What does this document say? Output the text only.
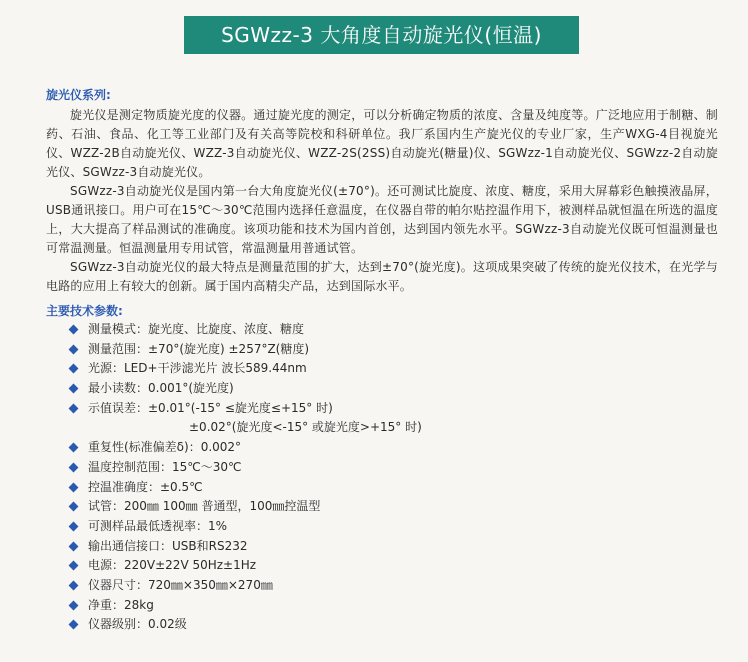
SGWzz-3 大角度自动旋光仪(恒温)
旋光仪系列:

旋光仪是测定物质旋光度的仪器。通过旋光度的测定，可以分析确定物质的浓度、含量及纯度等。广泛地应用于制糖、制药、石油、食品、化工等工业部门及有关高等院校和科研单位。我厂系国内生产旋光仪的专业厂家，生产WXG-4目视旋光仪、WZZ-2B自动旋光仪、WZZ-3自动旋光仪、WZZ-2S(2SS)自动旋光(糖量)仪、SGWzz-1自动旋光仪、SGWzz-2自动旋光仪、SGWzz-3自动旋光仪。

SGWzz-3自动旋光仪是国内第一台大角度旋光仪(±70°)。还可测试比旋度、浓度、糖度，采用大屏幕彩色触摸液晶屏，USB通讯接口。用户可在15℃～30℃范围内选择任意温度，在仪器自带的帕尔贴控温作用下，被测样品就恒温在所选的温度上，大大提高了样品测试的准确度。该项功能和技术为国内首创，达到国内领先水平。SGWzz-3自动旋光仪既可恒温测量也可常温测量。恒温测量用专用试管，常温测量用普通试管。

SGWzz-3自动旋光仪的最大特点是测量范围的扩大，达到±70°(旋光度)。这项成果突破了传统的旋光仪技术，在光学与电路的应用上有较大的创新。属于国内高精尖产品，达到国际水平。

主要技术参数:
测量模式：旋光度、比旋度、浓度、糖度
测量范围：±70°(旋光度) ±257°Z(糖度)
光源：LED+干涉滤光片 波长589.44nm
最小读数：0.001°(旋光度)
示值误差：±0.01°(-15° ≤旋光度≤+15° 时)
±0.02°(旋光度<-15° 或旋光度>+15° 时)
重复性(标准偏差δ)：0.002°
温度控制范围：15℃～30℃
控温准确度：±0.5℃
试管：200㎜ 100㎜ 普通型，100㎜控温型
可测样品最低透视率：1%
输出通信接口：USB和RS232
电源：220V±22V 50Hz±1Hz
仪器尺寸：720㎜×350㎜×270㎜
净重：28kg
仪器级别：0.02级
